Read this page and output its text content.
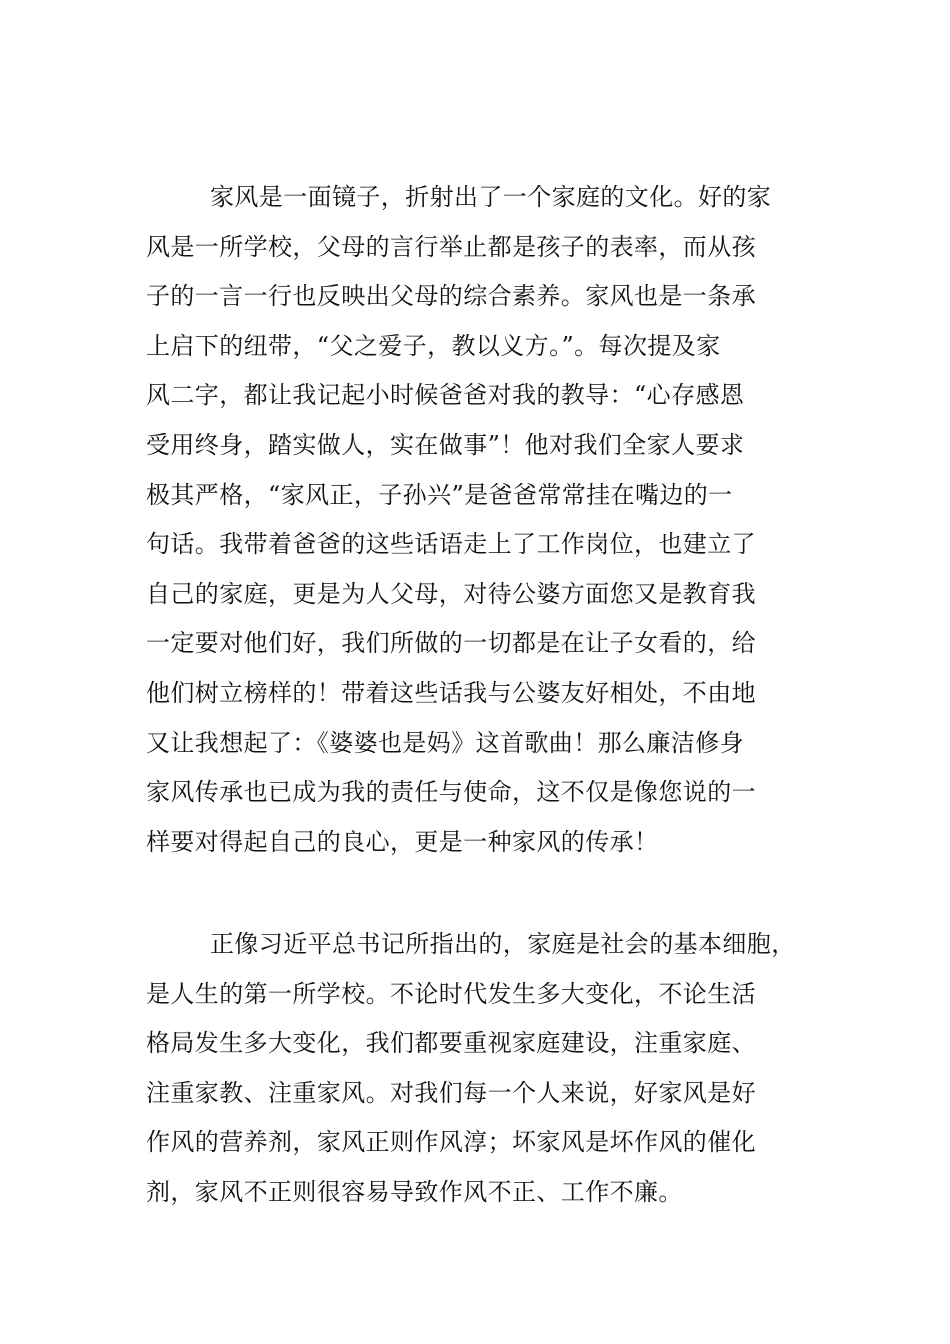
家风是一面镜子，折射出了一个家庭的文化。好的家
风是一所学校，父母的言行举止都是孩子的表率，而从孩
子的一言一行也反映出父母的综合素养。家风也是一条承
上启下的纽带，“父之爱子，教以义方。”。每次提及家
风二字，都让我记起小时候爸爸对我的教导：“心存感恩
受用终身，踏实做人，实在做事”！他对我们全家人要求
极其严格，“家风正，子孙兴”是爸爸常常挂在嘴边的一
句话。我带着爸爸的这些话语走上了工作岗位，也建立了
自己的家庭，更是为人父母，对待公婆方面您又是教育我
一定要对他们好，我们所做的一切都是在让子女看的，给
他们树立榜样的！带着这些话我与公婆友好相处，不由地
又让我想起了：《婆婆也是妈》这首歌曲！那么廉洁修身
家风传承也已成为我的责任与使命，这不仅是像您说的一
样要对得起自己的良心，更是一种家风的传承！
正像习近平总书记所指出的，家庭是社会的基本细胞，
是人生的第一所学校。不论时代发生多大变化，不论生活
格局发生多大变化，我们都要重视家庭建设，注重家庭、
注重家教、注重家风。对我们每一个人来说，好家风是好
作风的营养剂，家风正则作风淳；坏家风是坏作风的催化
剂，家风不正则很容易导致作风不正、工作不廉。
